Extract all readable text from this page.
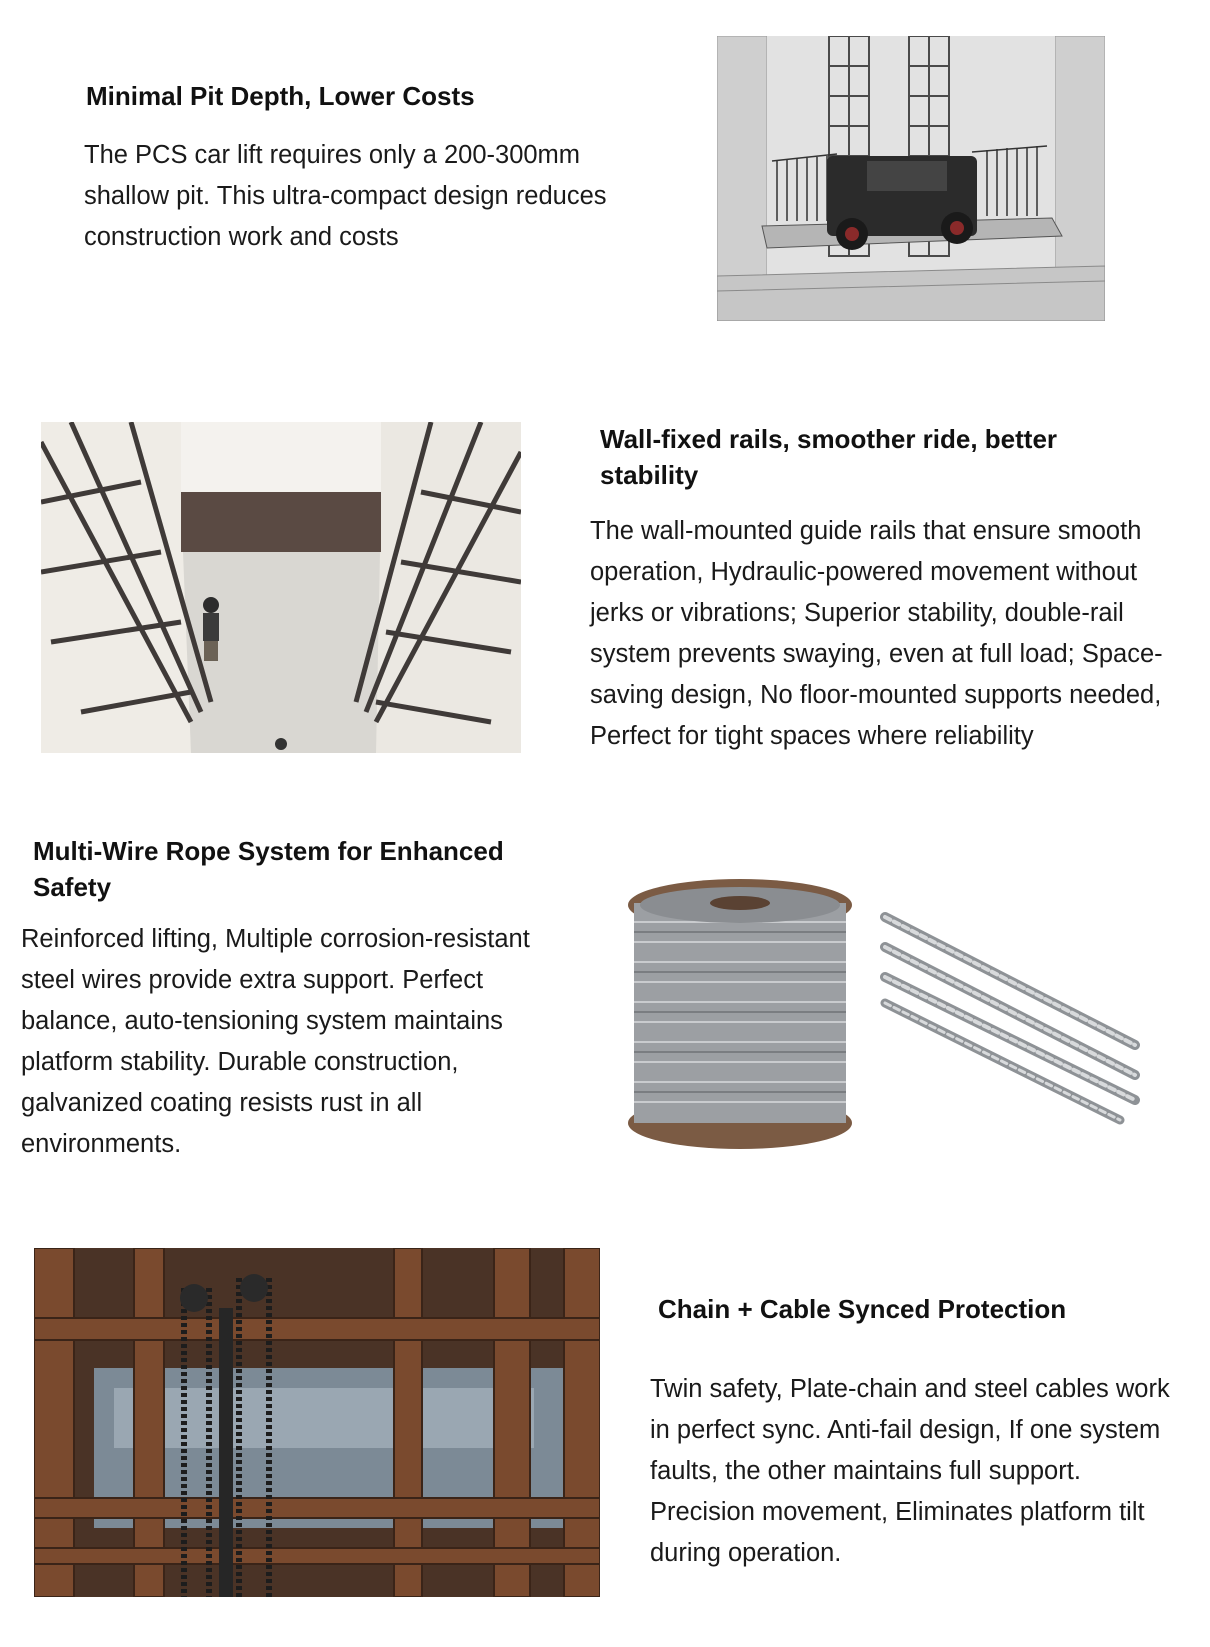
Minimal Pit Depth, Lower Costs
The PCS car lift requires only a 200-300mm shallow pit. This ultra-compact design reduces construction work and costs
Wall-fixed rails, smoother ride, better stability
The wall-mounted guide rails that ensure smooth operation, Hydraulic-powered movement without jerks or vibrations; Superior stability, double-rail system prevents swaying, even at full load; Space-saving design, No floor-mounted supports needed, Perfect for tight spaces where reliability
Multi-Wire Rope System for Enhanced Safety
Reinforced lifting, Multiple corrosion-resistant steel wires provide extra support. Perfect balance, auto-tensioning system maintains platform stability. Durable construction, galvanized coating resists rust in all environments.
Chain + Cable Synced Protection
Twin safety, Plate-chain and steel cables work in perfect sync. Anti-fail design, If one system faults, the other maintains full support. Precision movement, Eliminates platform tilt during operation.
